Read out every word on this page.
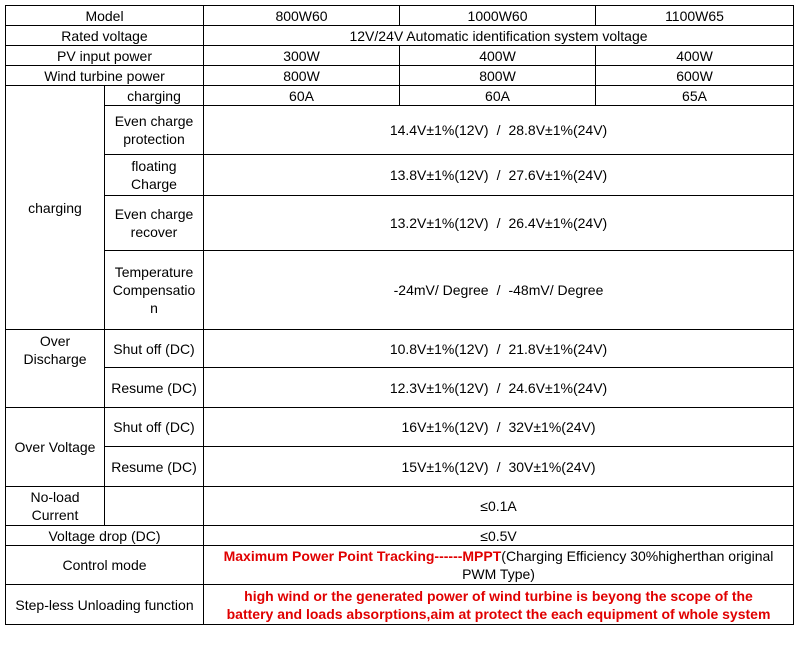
Model		800W60	1000W60	1100W65
Rated voltage		12V/24V Automatic identification system voltage		
PV input power		300W	400W	400W
Wind turbine power		800W	800W	600W
charging	charging	60A	60A	65A
	Even charge protection	14.4V±1%(12V) / 28.8V±1%(24V)		
	floating Charge	13.8V±1%(12V) / 27.6V±1%(24V)		
	Even charge recover	13.2V±1%(12V) / 26.4V±1%(24V)		
	Temperature Compensatio n	-24mV/ Degree / -48mV/ Degree		
Over Discharge	Shut off (DC)	10.8V±1%(12V) / 21.8V±1%(24V)		
	Resume (DC)	12.3V±1%(12V) / 24.6V±1%(24V)		
Over Voltage	Shut off (DC)	16V±1%(12V) / 32V±1%(24V)		
	Resume (DC)	15V±1%(12V) / 30V±1%(24V)		
No-load Current		≤0.1A		
Voltage drop (DC)		≤0.5V		
Control mode		Maximum Power Point Tracking------MPPT(Charging Efficiency 30%higherthan original PWM Type)		
Step-less Unloading function		high wind or the generated power of wind turbine is beyong the scope of the
battery and loads absorptions,aim at protect the each equipment of whole system		
